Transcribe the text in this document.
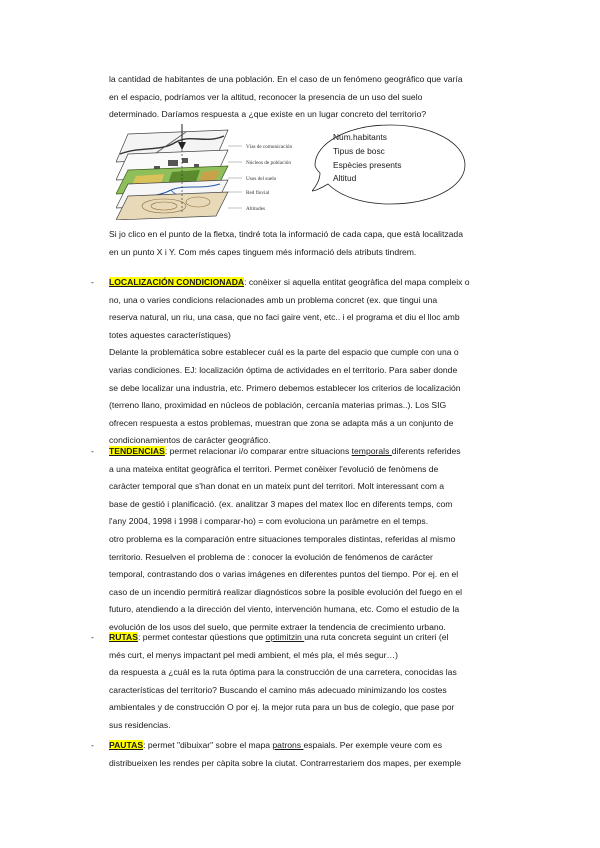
la cantidad de habitantes de una población. En el caso de un fenómeno geográfico que varía
en el espacio, podríamos ver la altitud, reconocer la presencia de un uso del suelo
determinado. Daríamos respuesta a ¿que existe en un lugar concreto del territorio?
Vías de comunicación
Núcleos de población
Usos del suelo
Red fluvial
Altitudes
Num.habitants
Tipus de bosc
Espècies presents
Altitud
Si jo clico en el punto de la fletxa, tindré tota la informació de cada capa, que està localitzada
en un punto X i Y. Com més capes tinguem més informació dels atributs tindrem.
- LOCALIZACIÓN CONDICIONADA: conèixer si aquella entitat geogràfica del mapa compleix o
no, una o varies condicions relacionades amb un problema concret (ex. que tingui una
reserva natural, un riu, una casa, que no faci gaire vent, etc.. i el programa et diu el lloc amb
totes aquestes característiques)
Delante la problemática sobre establecer cuál es la parte del espacio que cumple con una o
varias condiciones. EJ: localización óptima de actividades en el territorio. Para saber donde
se debe localizar una industria, etc. Primero debemos establecer los criterios de localización
(terreno llano, proximidad en núcleos de población, cercanía materias primas..). Los SIG
ofrecen respuesta a estos problemas, muestran que zona se adapta más a un conjunto de
condicionamientos de carácter geográfico.
- TENDENCIAS: permet relacionar i/o comparar entre situacions temporals diferents referides
a una mateixa entitat geogràfica el territori. Permet conèixer l'evolució de fenòmens de
caràcter temporal que s'han donat en un mateix punt del territori. Molt interessant com a
base de gestió i planificació. (ex. analitzar 3 mapes del matex lloc en diferents temps, com
l'any 2004, 1998 i 1998 i comparar-ho) = com evoluciona un paràmetre en el temps.
otro problema es la comparación entre situaciones temporales distintas, referidas al mismo
territorio. Resuelven el problema de : conocer la evolución de fenómenos de carácter
temporal, contrastando dos o varias imágenes en diferentes puntos del tiempo. Por ej. en el
caso de un incendio permitirá realizar diagnósticos sobre la posible evolución del fuego en el
futuro, atendiendo a la dirección del viento, intervención humana, etc. Como el estudio de la
evolución de los usos del suelo, que permite extraer la tendencia de crecimiento urbano.
- RUTAS: permet contestar qüestions que optimitzin una ruta concreta seguint un criteri (el
més curt, el menys impactant pel medi ambient, el més pla, el més segur…)
da respuesta a ¿cuál es la ruta óptima para la construcción de una carretera, conocidas las
características del territorio? Buscando el camino más adecuado minimizando los costes
ambientales y de construcción O por ej. la mejor ruta para un bus de colegio, que pase por
sus residencias.
- PAUTAS: permet "dibuixar" sobre el mapa patrons espaials. Per exemple veure com es
distribueixen les rendes per càpita sobre la ciutat. Contrarrestariem dos mapes, per exemple
